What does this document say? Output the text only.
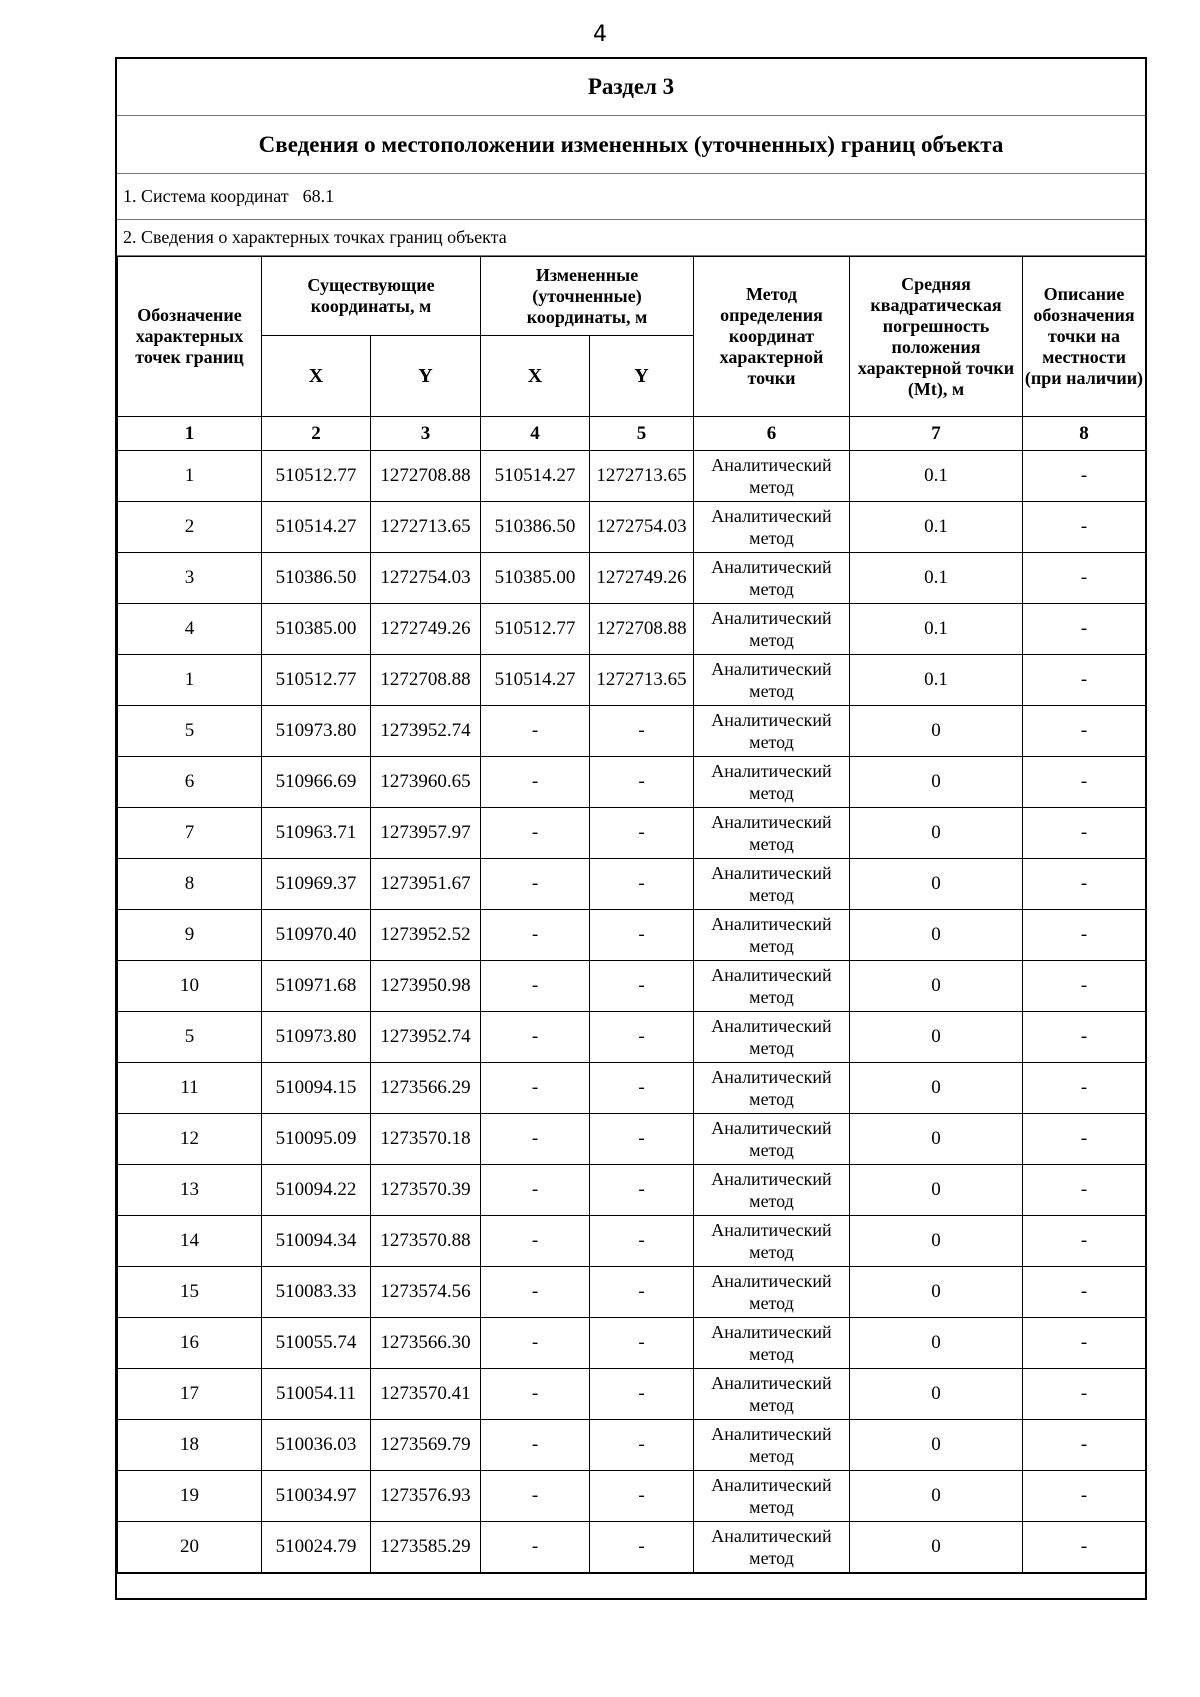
4
Раздел 3
Сведения о местоположении измененных (уточненных) границ объекта
1. Система координат 68.1
2. Сведения о характерных точках границ объекта
Обозначение характерных точек границ	Существующие координаты, м		Измененные (уточненные) координаты, м		Метод определения координат характерной точки	Средняя квадратическая погрешность положения характерной точки (Mt), м	Описание обозначения точки на местности (при наличии)
	X	Y	X	Y			
1	2	3	4	5	6	7	8
1	510512.77	1272708.88	510514.27	1272713.65	Аналитический метод	0.1	-
2	510514.27	1272713.65	510386.50	1272754.03	Аналитический метод	0.1	-
3	510386.50	1272754.03	510385.00	1272749.26	Аналитический метод	0.1	-
4	510385.00	1272749.26	510512.77	1272708.88	Аналитический метод	0.1	-
1	510512.77	1272708.88	510514.27	1272713.65	Аналитический метод	0.1	-
5	510973.80	1273952.74	-	-	Аналитический метод	0	-
6	510966.69	1273960.65	-	-	Аналитический метод	0	-
7	510963.71	1273957.97	-	-	Аналитический метод	0	-
8	510969.37	1273951.67	-	-	Аналитический метод	0	-
9	510970.40	1273952.52	-	-	Аналитический метод	0	-
10	510971.68	1273950.98	-	-	Аналитический метод	0	-
5	510973.80	1273952.74	-	-	Аналитический метод	0	-
11	510094.15	1273566.29	-	-	Аналитический метод	0	-
12	510095.09	1273570.18	-	-	Аналитический метод	0	-
13	510094.22	1273570.39	-	-	Аналитический метод	0	-
14	510094.34	1273570.88	-	-	Аналитический метод	0	-
15	510083.33	1273574.56	-	-	Аналитический метод	0	-
16	510055.74	1273566.30	-	-	Аналитический метод	0	-
17	510054.11	1273570.41	-	-	Аналитический метод	0	-
18	510036.03	1273569.79	-	-	Аналитический метод	0	-
19	510034.97	1273576.93	-	-	Аналитический метод	0	-
20	510024.79	1273585.29	-	-	Аналитический метод	0	-
